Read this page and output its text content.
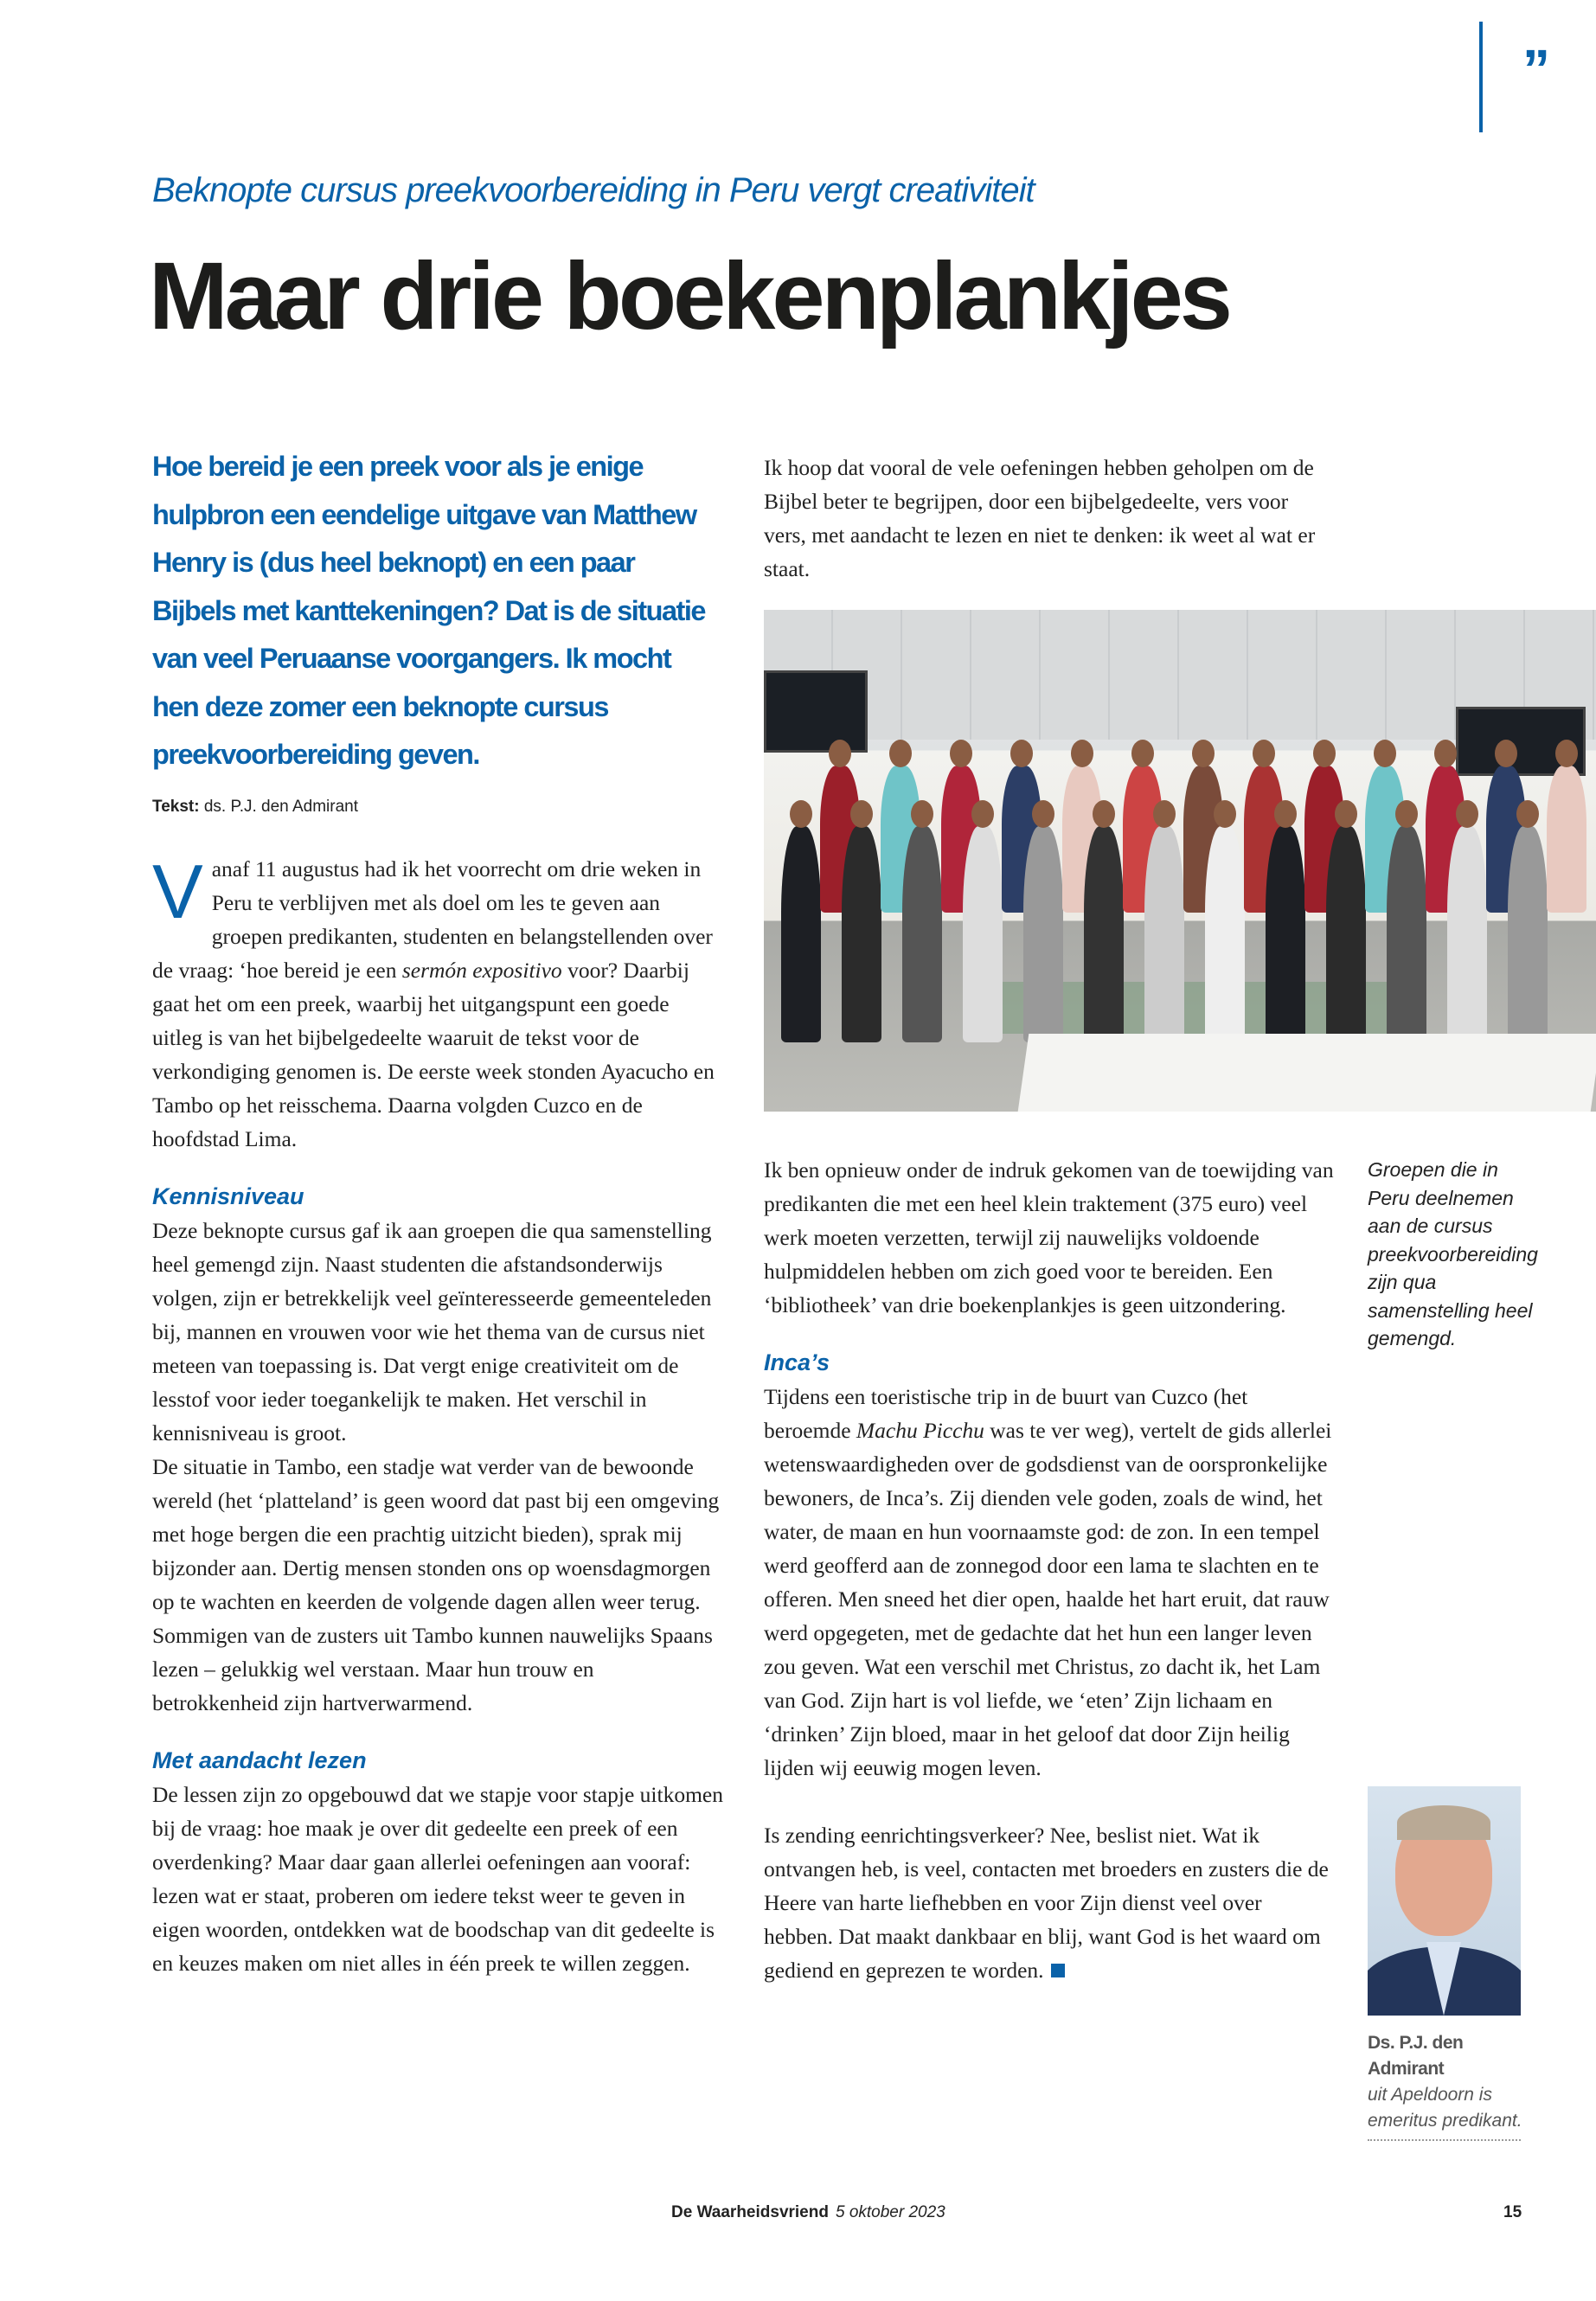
”
Beknopte cursus preekvoorbereiding in Peru vergt creativiteit
Maar drie boekenplankjes
Hoe bereid je een preek voor als je enige hulpbron een eendelige uitgave van Matthew Henry is (dus heel beknopt) en een paar Bijbels met kanttekeningen? Dat is de situatie van veel Peruaanse voorgangers. Ik mocht hen deze zomer een beknopte cursus preekvoorbereiding geven.
Tekst: ds. P.J. den Admirant

Vanaf 11 augustus had ik het voorrecht om drie weken in Peru te verblijven met als doel om les te geven aan groepen predikanten, studenten en belangstellenden over de vraag: ‘hoe bereid je een sermón expositivo voor? Daarbij gaat het om een preek, waarbij het uitgangspunt een goede uitleg is van het bijbelgedeelte waaruit de tekst voor de verkondiging genomen is. De eerste week stonden Ayacucho en Tambo op het reisschema. Daarna volgden Cuzco en de hoofdstad Lima.

Kennisniveau

Deze beknopte cursus gaf ik aan groepen die qua samenstelling heel gemengd zijn. Naast studenten die afstandsonderwijs volgen, zijn er betrekkelijk veel geïnteresseerde gemeenteleden bij, mannen en vrouwen voor wie het thema van de cursus niet meteen van toepassing is. Dat vergt enige creativiteit om de lesstof voor ieder toegankelijk te maken. Het verschil in kennisniveau is groot.

De situatie in Tambo, een stadje wat verder van de bewoonde wereld (het ‘platteland’ is geen woord dat past bij een omgeving met hoge bergen die een prachtig uitzicht bieden), sprak mij bijzonder aan. Dertig mensen stonden ons op woensdagmorgen op te wachten en keerden de volgende dagen allen weer terug. Sommigen van de zusters uit Tambo kunnen nauwelijks Spaans lezen – gelukkig wel verstaan. Maar hun trouw en betrokkenheid zijn hartverwarmend.

Met aandacht lezen

De lessen zijn zo opgebouwd dat we stapje voor stapje uitkomen bij de vraag: hoe maak je over dit gedeelte een preek of een overdenking? Maar daar gaan allerlei oefeningen aan vooraf: lezen wat er staat, proberen om iedere tekst weer te geven in eigen woorden, ontdekken wat de boodschap van dit gedeelte is en keuzes maken om niet alles in één preek te willen zeggen.

Ik hoop dat vooral de vele oefeningen hebben geholpen om de Bijbel beter te begrijpen, door een bijbelgedeelte, vers voor vers, met aandacht te lezen en niet te denken: ik weet al wat er staat.

Ik ben opnieuw onder de indruk gekomen van de toewijding van predikanten die met een heel klein traktement (375 euro) veel werk moeten verzetten, terwijl zij nauwelijks voldoende hulpmiddelen hebben om zich goed voor te bereiden. Een ‘bibliotheek’ van drie boekenplankjes is geen uitzondering.

Inca’s

Tijdens een toeristische trip in de buurt van Cuzco (het beroemde Machu Picchu was te ver weg), vertelt de gids allerlei wetenswaardigheden over de godsdienst van de oorspronkelijke bewoners, de Inca’s. Zij dienden vele goden, zoals de wind, het water, de maan en hun voornaamste god: de zon. In een tempel werd geofferd aan de zonnegod door een lama te slachten en te offeren. Men sneed het dier open, haalde het hart eruit, dat rauw werd opgegeten, met de gedachte dat het hun een langer leven zou geven. Wat een verschil met Christus, zo dacht ik, het Lam van God. Zijn hart is vol liefde, we ‘eten’ Zijn lichaam en ‘drinken’ Zijn bloed, maar in het geloof dat door Zijn heilig lijden wij eeuwig mogen leven.

Is zending eenrichtingsverkeer? Nee, beslist niet. Wat ik ontvangen heb, is veel, contacten met broeders en zusters die de Heere van harte liefhebben en voor Zijn dienst veel over hebben. Dat maakt dankbaar en blij, want God is het waard om gediend en geprezen te worden.

Groepen die in Peru deelnemen aan de cursus preekvoorbereiding zijn qua samenstelling heel gemengd.
Ds. P.J. den Admirant
uit Apeldoorn is
emeritus predikant.
De Waarheidsvriend 5 oktober 2023	15
